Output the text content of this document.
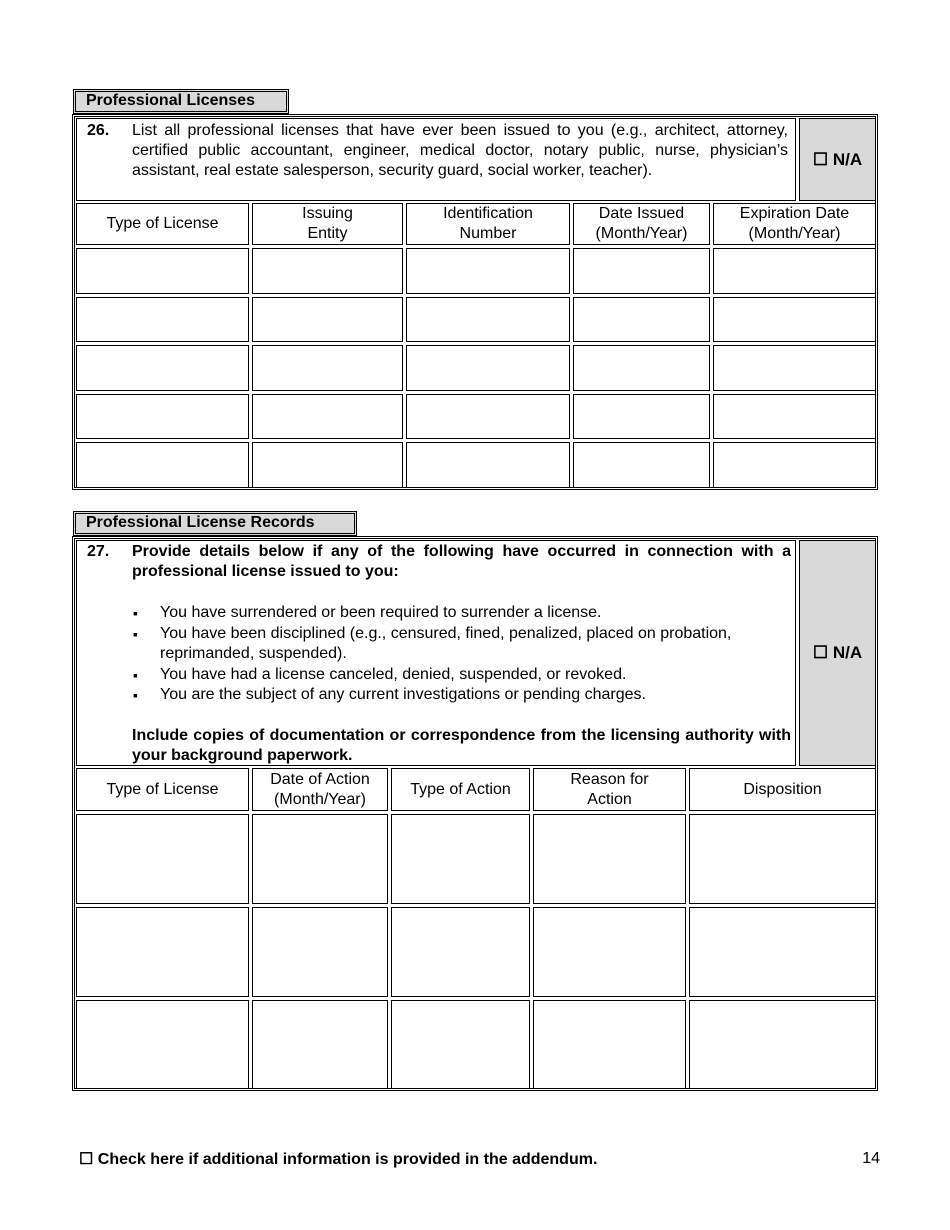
Professional Licenses
26. List all professional licenses that have ever been issued to you (e.g., architect, attorney, certified public accountant, engineer, medical doctor, notary public, nurse, physician’s assistant, real estate salesperson, security guard, social worker, teacher).
☐ N/A
Type of License
Issuing Entity
Identification Number
Date Issued (Month/Year)
Expiration Date (Month/Year)
Professional License Records
27. Provide details below if any of the following have occurred in connection with a professional license issued to you:
▪ You have surrendered or been required to surrender a license.
▪ You have been disciplined (e.g., censured, fined, penalized, placed on probation, reprimanded, suspended).
▪ You have had a license canceled, denied, suspended, or revoked.
▪ You are the subject of any current investigations or pending charges.
Include copies of documentation or correspondence from the licensing authority with your background paperwork.
☐ N/A
Type of License
Date of Action (Month/Year)
Type of Action
Reason for Action
Disposition
☐ Check here if additional information is provided in the addendum.	14
